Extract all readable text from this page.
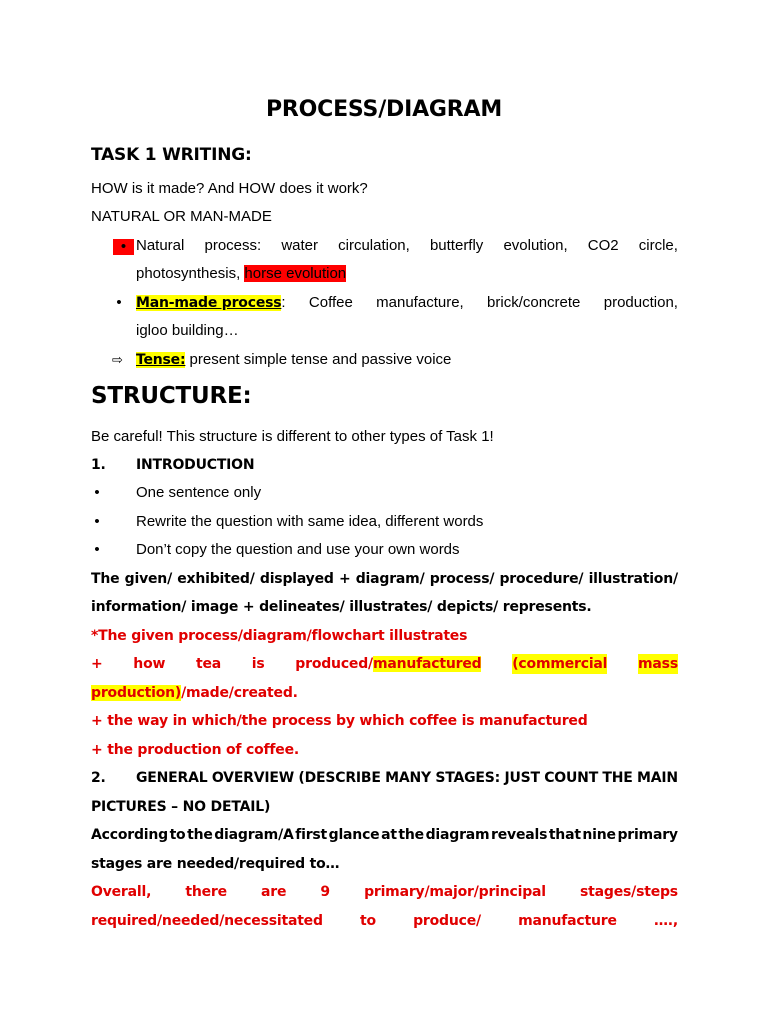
PROCESS/DIAGRAM
TASK 1 WRITING:
HOW is it made? And HOW does it work?
NATURAL OR MAN-MADE
• Natural process: water circulation, butterfly evolution, CO2 circle,
photosynthesis, horse evolution
• Man-made process: Coffee manufacture, brick/concrete production,
igloo building…
⇨ Tense: present simple tense and passive voice
STRUCTURE:
Be careful! This structure is different to other types of Task 1!
1.	INTRODUCTION
• One sentence only
• Rewrite the question with same idea, different words
• Don’t copy the question and use your own words
The given/ exhibited/ displayed + diagram/ process/ procedure/ illustration/
information/ image + delineates/ illustrates/ depicts/ represents.
*The given process/diagram/flowchart illustrates
+ how tea is produced/manufactured (commercial mass
production)/made/created.
+ the way in which/the process by which coffee is manufactured
+ the production of coffee.
2.	GENERAL OVERVIEW (DESCRIBE MANY STAGES: JUST COUNT THE MAIN
PICTURES – NO DETAIL)
According to the diagram/A first glance at the diagram reveals that nine primary
stages are needed/required to…
Overall, there are 9 primary/major/principal stages/steps
required/needed/necessitated	to	produce/	manufacture	….,
